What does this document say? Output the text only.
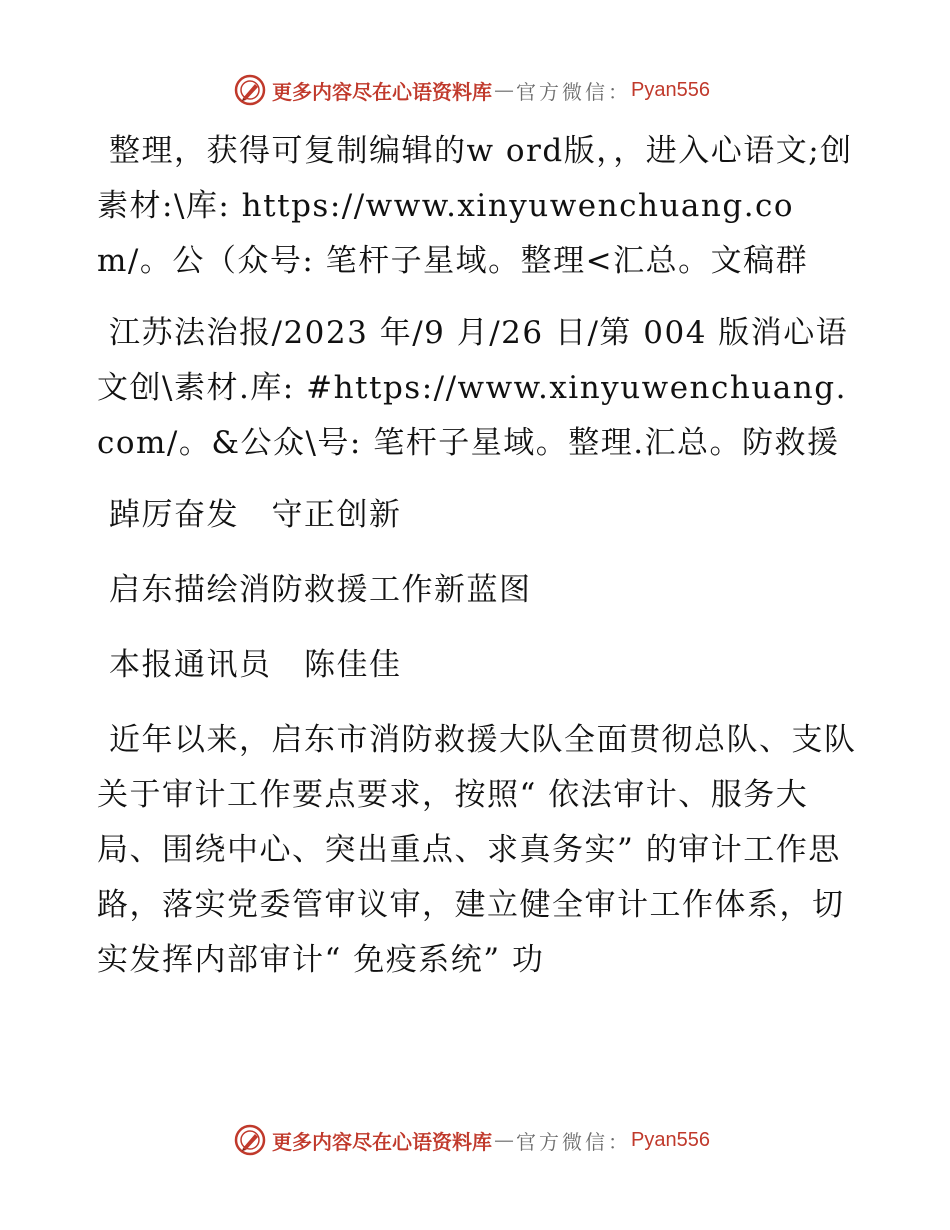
更多内容尽在心语资料库 — 官方微信： Pyan556

整理，获得可复制编辑的w ord版，，进入心语文;创素材:\库: https://www.xinyuwenchuang.com/。公（众号: 笔杆子星域。整理<汇总。文稿群

江苏法治报/2023 年/9 月/26 日/第 004 版消心语文创\素材.库: #https://www.xinyuwenchuang.com/。&公众\号: 笔杆子星域。整理.汇总。防救援

踔厉奋发　守正创新

启东描绘消防救援工作新蓝图

本报通讯员　陈佳佳

近年以来，启东市消防救援大队全面贯彻总队、支队关于审计工作要点要求，按照“ 依法审计、服务大局、围绕中心、突出重点、求真务实” 的审计工作思路，落实党委管审议审，建立健全审计工作体系，切实发挥内部审计“ 免疫系统” 功

更多内容尽在心语资料库 — 官方微信： Pyan556
